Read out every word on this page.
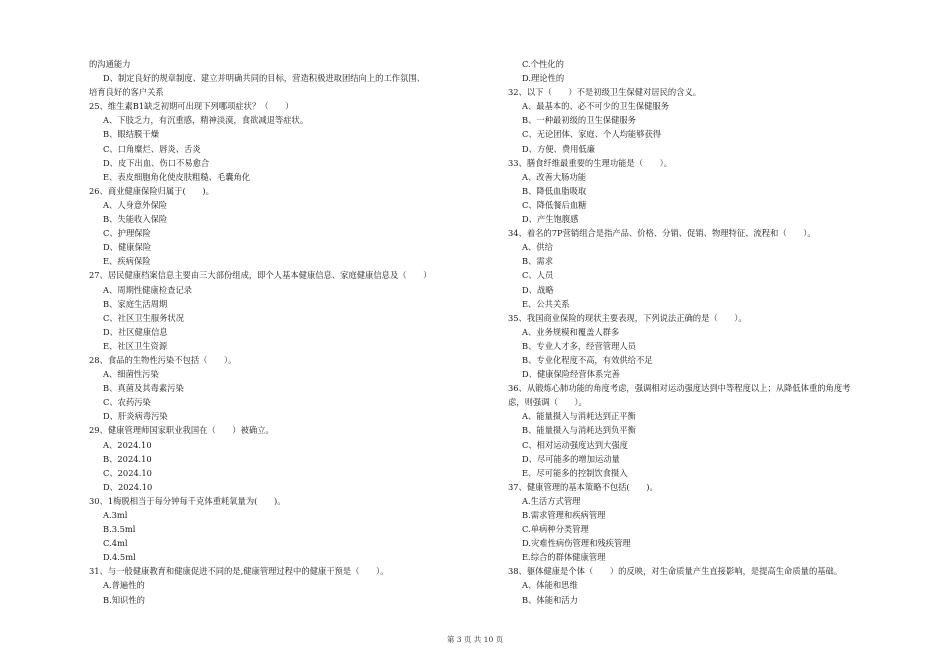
的沟通能力
D、制定良好的规章制度、建立并明确共同的目标，营造积极进取团结向上的工作氛围、
培育良好的客户关系
25、维生素B1缺乏初期可出现下列哪项症状？（　　）
A、下肢乏力，有沉重感，精神淡漠，食欲减退等症状。
B、眼结膜干燥
C、口角糜烂、唇炎、舌炎
D、皮下出血、伤口不易愈合
E、表皮细胞角化使皮肤粗糙、毛囊角化
26、商业健康保险归属于(　　)。
A、人身意外保险
B、失能收入保险
C、护理保险
D、健康保险
E、疾病保险
27、居民健康档案信息主要由三大部份组成，即个人基本健康信息、家庭健康信息及（　　）
A、周期性健康检查记录
B、家庭生活周期
C、社区卫生服务状况
D、社区健康信息
E、社区卫生资源
28、食品的生物性污染不包括（　　）。
A、细菌性污染
B、真菌及其毒素污染
C、农药污染
D、肝炎病毒污染
29、健康管理师国家职业我国在（　　）被确立。
A、2024.10
B、2024.10
C、2024.10
D、2024.10
30、1梅脱相当于每分钟每千克体重耗氧量为(　　)。
A.3ml
B.3.5ml
C.4ml
D.4.5ml
31、与一般健康教育和健康促进不同的是,健康管理过程中的健康干预是（　　）。
A.普遍性的
B.知识性的
C.个性化的
D.理论性的
32、以下（　　）不是初级卫生保健对居民的含义。
A、最基本的、必不可少的卫生保健服务
B、一种最初级的卫生保健服务
C、无论团体、家庭、个人均能够获得
D、方便、费用低廉
33、膳食纤维最重要的生理功能是（　　）。
A、改善大肠功能
B、降低血脂吸取
C、降低餐后血糖
D、产生饱腹感
34、着名的7P营销组合是指产品、价格、分销、促销、物理特征、流程和（　　）。
A、供给
B、需求
C、人员
D、战略
E、公共关系
35、我国商业保险的现状主要表现，下列说法正确的是（　　）。
A、业务规模和覆盖人群多
B、专业人才多，经营管理人员
B、专业化程度不高，有效供给不足
D、健康保险经营体系完善
36、从锻炼心肺功能的角度考虑，强调相对运动强度达到中等程度以上；从降低体重的角度考
虑，则强调（　　）。
A、能量摄入与消耗达到正平衡
B、能量摄入与消耗达到负平衡
C、相对运动强度达到大强度
D、尽可能多的增加运动量
E、尽可能多的控制饮食摄入
37、健康管理的基本策略不包括(　　)。
A.生活方式管理
B.需求管理和疾病管理
C.单病种分类管理
D.灾难性病伤管理和残疾管理
E.综合的群体健康管理
38、躯体健康是个体（　　）的反映，对生命质量产生直接影响，是提高生命质量的基础。
A、体能和思维
B、体能和活力
第 3 页 共 10 页
